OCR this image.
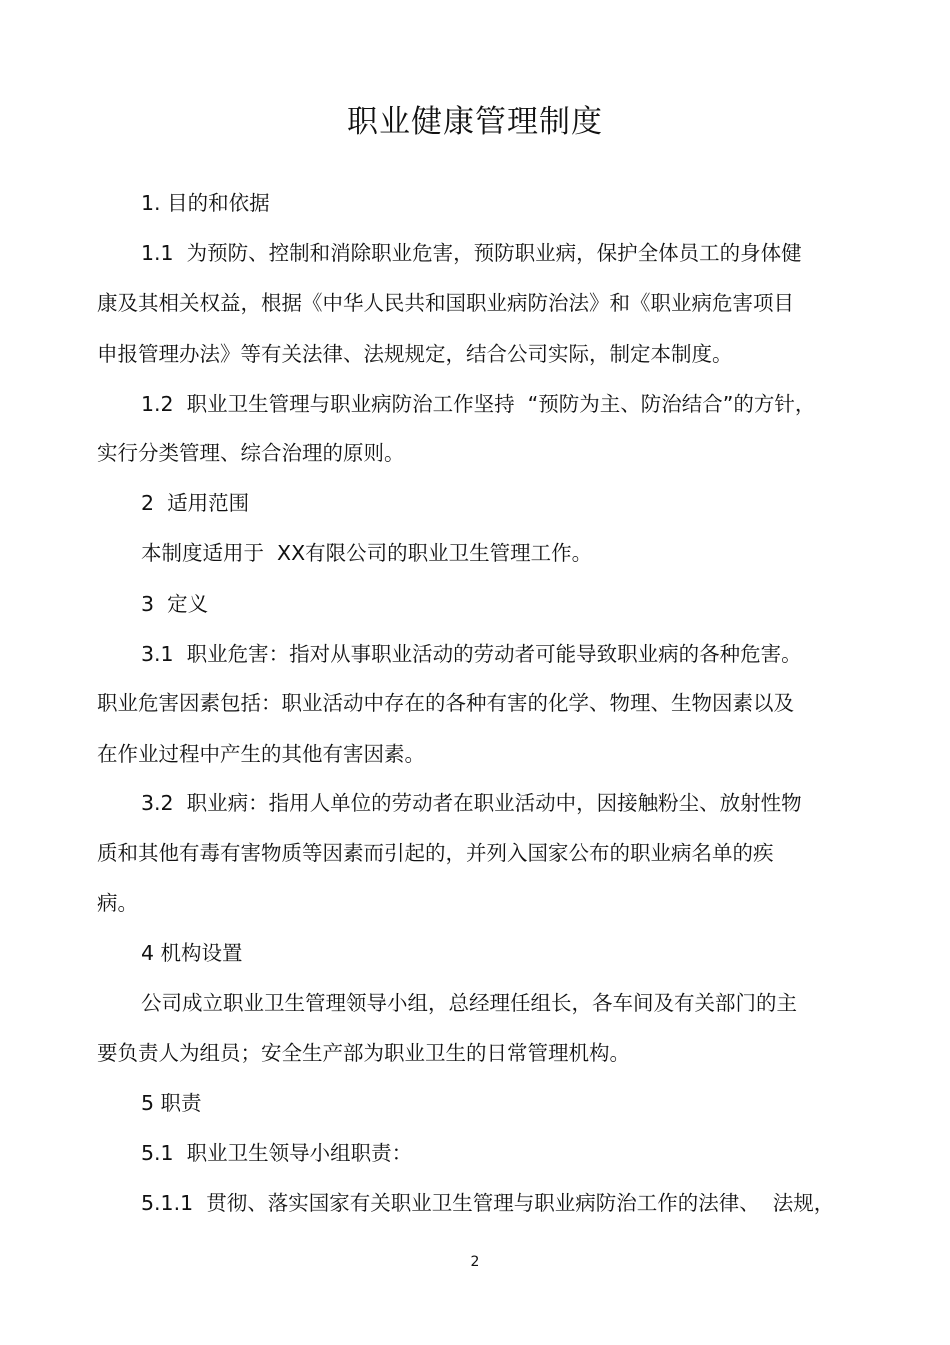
职业健康管理制度
1. 目的和依据
1.1  为预防、控制和消除职业危害，预防职业病，保护全体员工的身体健
康及其相关权益，根据《中华人民共和国职业病防治法》和《职业病危害项目
申报管理办法》等有关法律、法规规定，结合公司实际，制定本制度。
1.2  职业卫生管理与职业病防治工作坚持  “预防为主、防治结合”的方针，
实行分类管理、综合治理的原则。
2  适用范围
本制度适用于  XX有限公司的职业卫生管理工作。
3  定义
3.1  职业危害：指对从事职业活动的劳动者可能导致职业病的各种危害。
职业危害因素包括：职业活动中存在的各种有害的化学、物理、生物因素以及
在作业过程中产生的其他有害因素。
3.2  职业病：指用人单位的劳动者在职业活动中，因接触粉尘、放射性物
质和其他有毒有害物质等因素而引起的，并列入国家公布的职业病名单的疾
病。
4 机构设置
公司成立职业卫生管理领导小组，总经理任组长，各车间及有关部门的主
要负责人为组员；安全生产部为职业卫生的日常管理机构。
5 职责
5.1  职业卫生领导小组职责：
5.1.1  贯彻、落实国家有关职业卫生管理与职业病防治工作的法律、  法规，
2
